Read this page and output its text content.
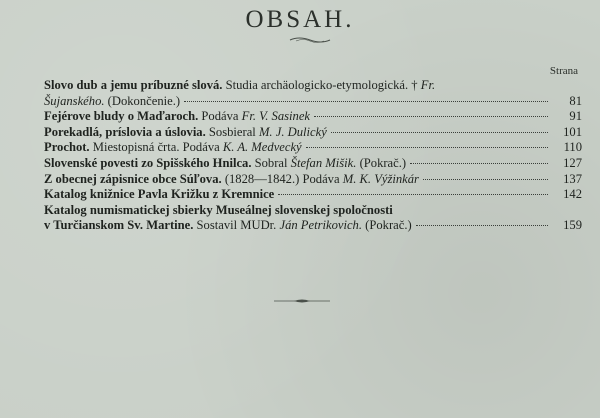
OBSAH.
Strana
Slovo dub a jemu príbuzné slová. Studia archäologicko-etymologická. † Fr.
Šujanského. (Dokončenie.)	81
Fejérove bludy o Maďaroch. Podáva Fr. V. Sasinek	91
Porekadlá, príslovia a úslovia. Sosbieral M. J. Dulický	101
Prochot. Miestopisná črta. Podáva K. A. Medvecký	110
Slovenské povesti zo Spišského Hnilca. Sobral Štefan Mišik. (Pokrač.)	127
Z obecnej zápisnice obce Súľova. (1828—1842.) Podáva M. K. Výžinkár	137
Katalog knižnice Pavla Križku z Kremnice	142
Katalog numismatickej sbierky Museálnej slovenskej spoločnosti
v Turčianskom Sv. Martine. Sostavil MUDr. Ján Petrikovich. (Pokrač.)	159
